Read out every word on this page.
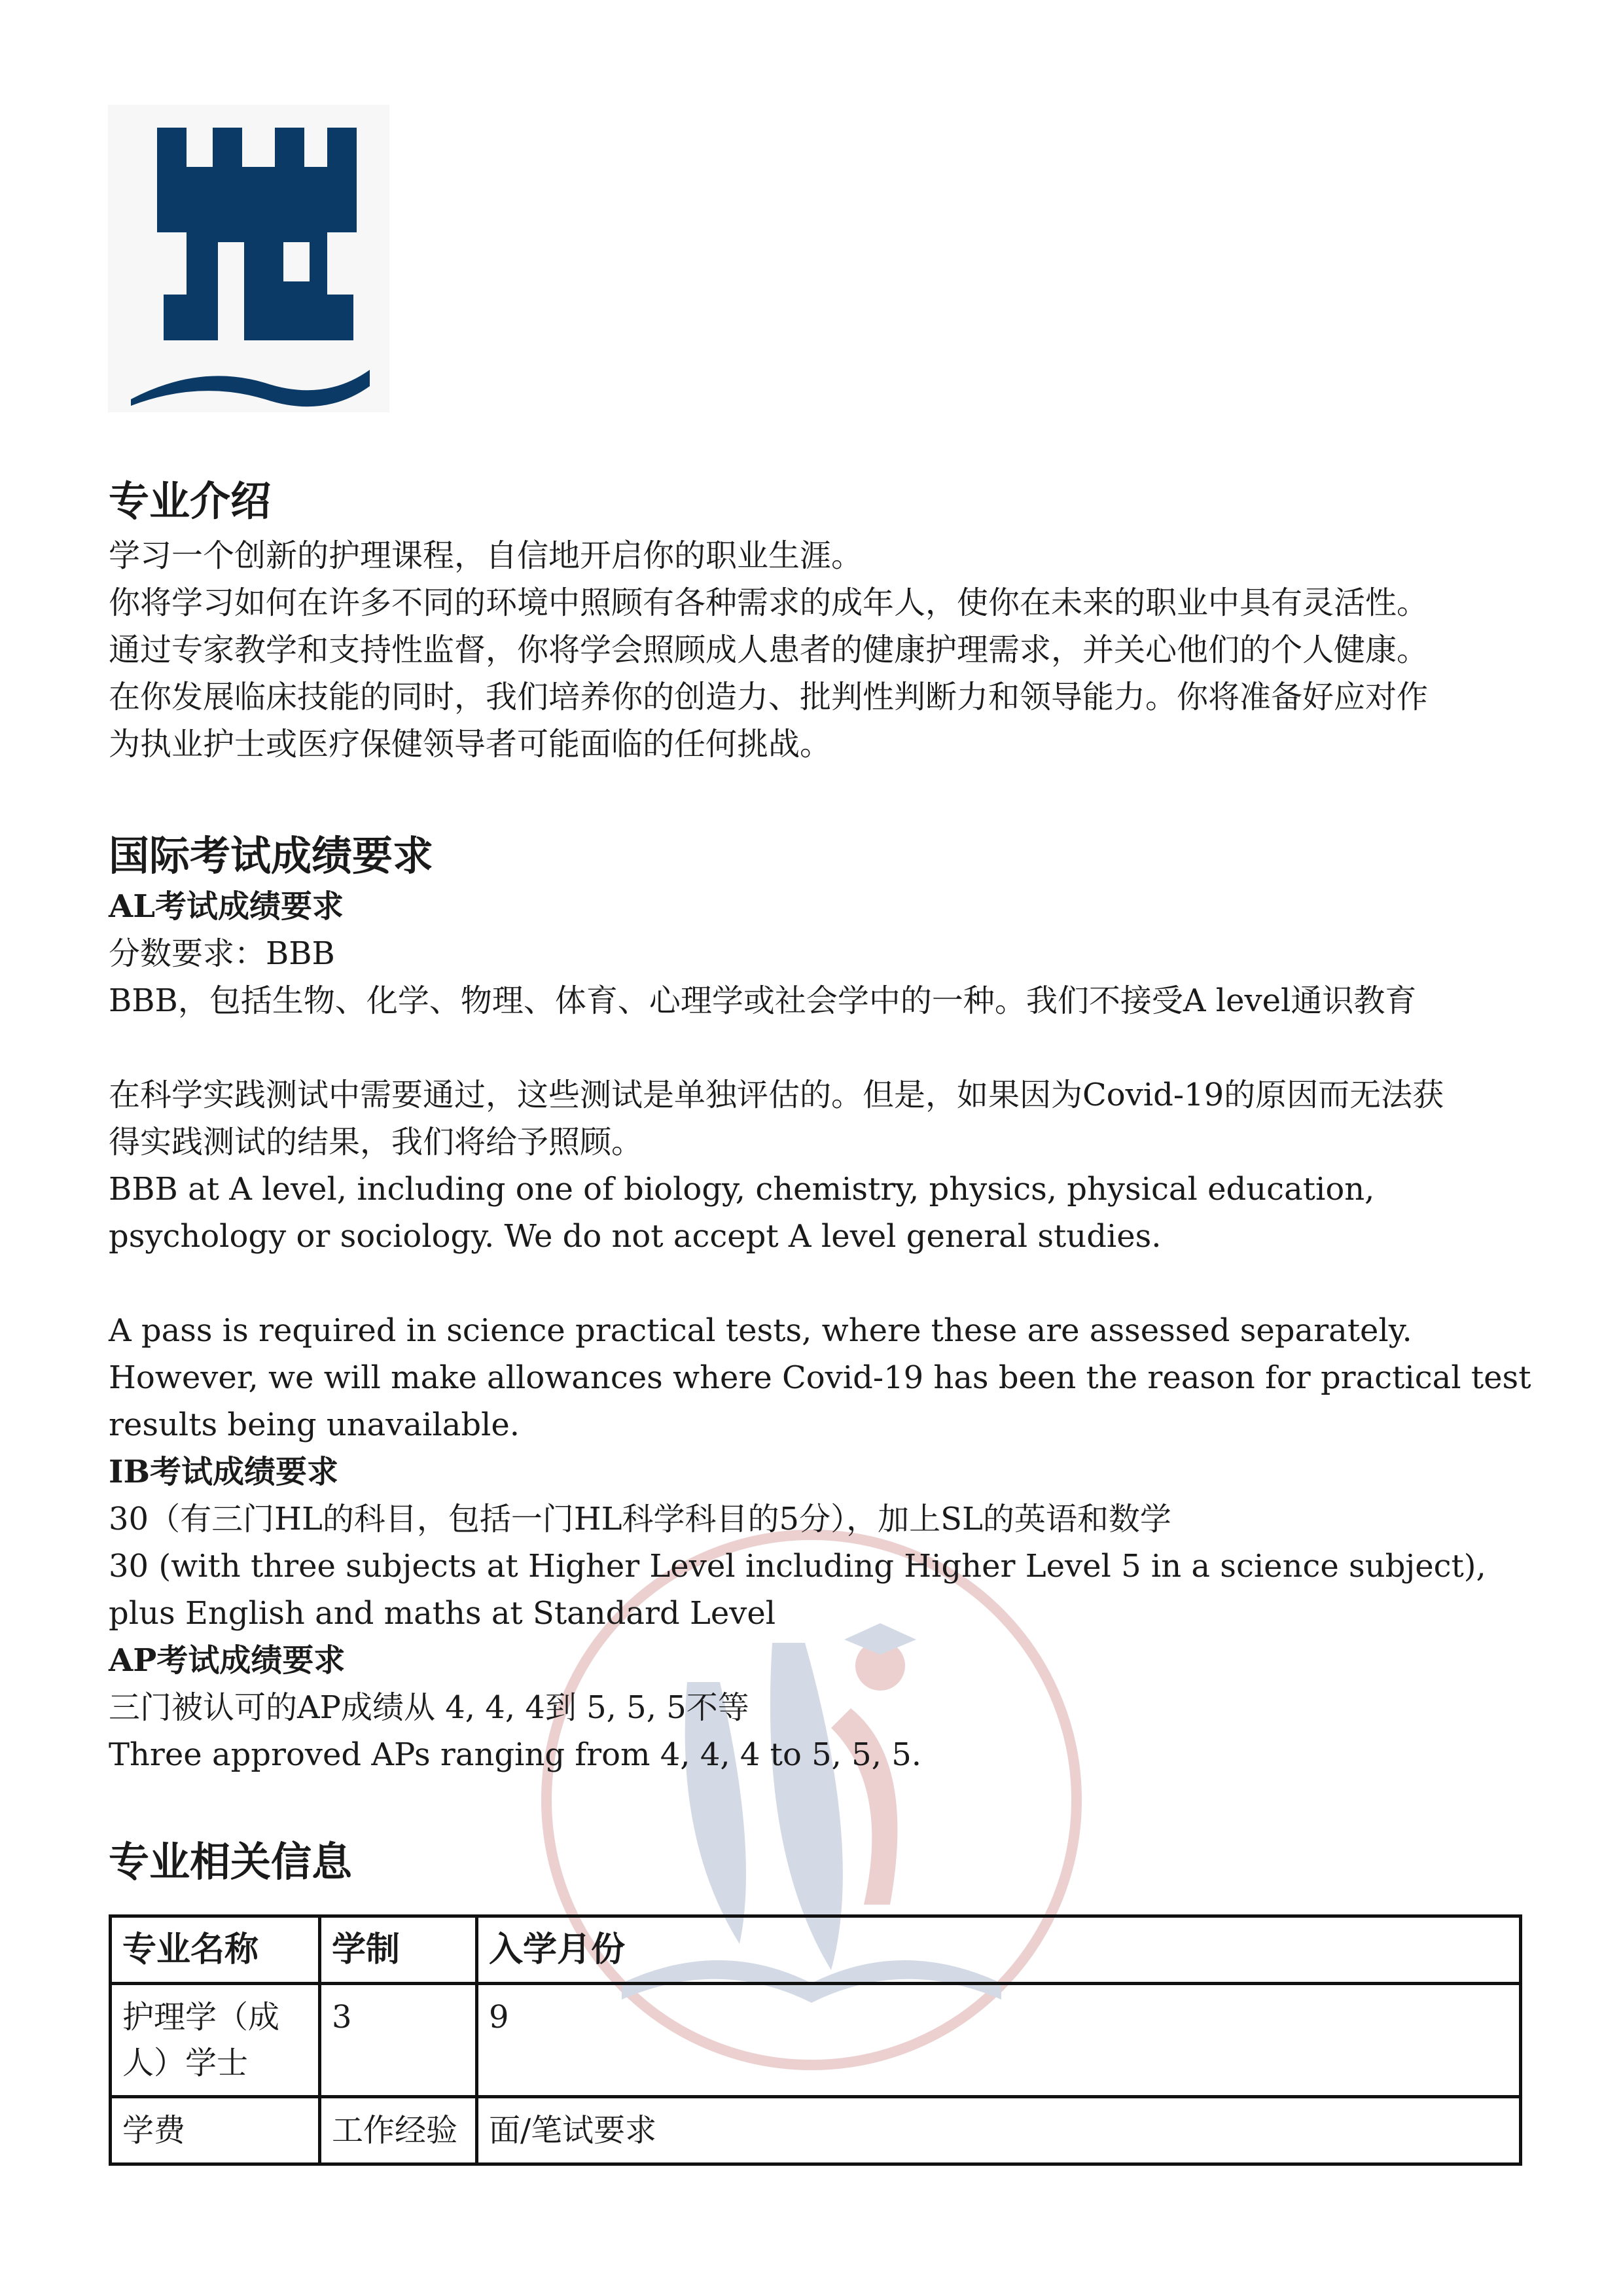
专业介绍
学习一个创新的护理课程，自信地开启你的职业生涯。
你将学习如何在许多不同的环境中照顾有各种需求的成年人，使你在未来的职业中具有灵活性。
通过专家教学和支持性监督，你将学会照顾成人患者的健康护理需求，并关心他们的个人健康。
在你发展临床技能的同时，我们培养你的创造力、批判性判断力和领导能力。你将准备好应对作
为执业护士或医疗保健领导者可能面临的任何挑战。
国际考试成绩要求
AL考试成绩要求
分数要求：BBB
BBB，包括生物、化学、物理、体育、心理学或社会学中的一种。我们不接受A level通识教育
在科学实践测试中需要通过，这些测试是单独评估的。但是，如果因为Covid-19的原因而无法获
得实践测试的结果，我们将给予照顾。
BBB at A level, including one of biology, chemistry, physics, physical education,
psychology or sociology. We do not accept A level general studies.
A pass is required in science practical tests, where these are assessed separately.
However, we will make allowances where Covid-19 has been the reason for practical test
results being unavailable.
IB考试成绩要求
30（有三门HL的科目，包括一门HL科学科目的5分），加上SL的英语和数学
30 (with three subjects at Higher Level including Higher Level 5 in a science subject),
plus English and maths at Standard Level
AP考试成绩要求
三门被认可的AP成绩从 4, 4, 4到 5, 5, 5不等
Three approved APs ranging from 4, 4, 4 to 5, 5, 5.
专业相关信息
专业名称	学制	入学月份
护理学（成人）学士	3	9
学费	工作经验	面/笔试要求
